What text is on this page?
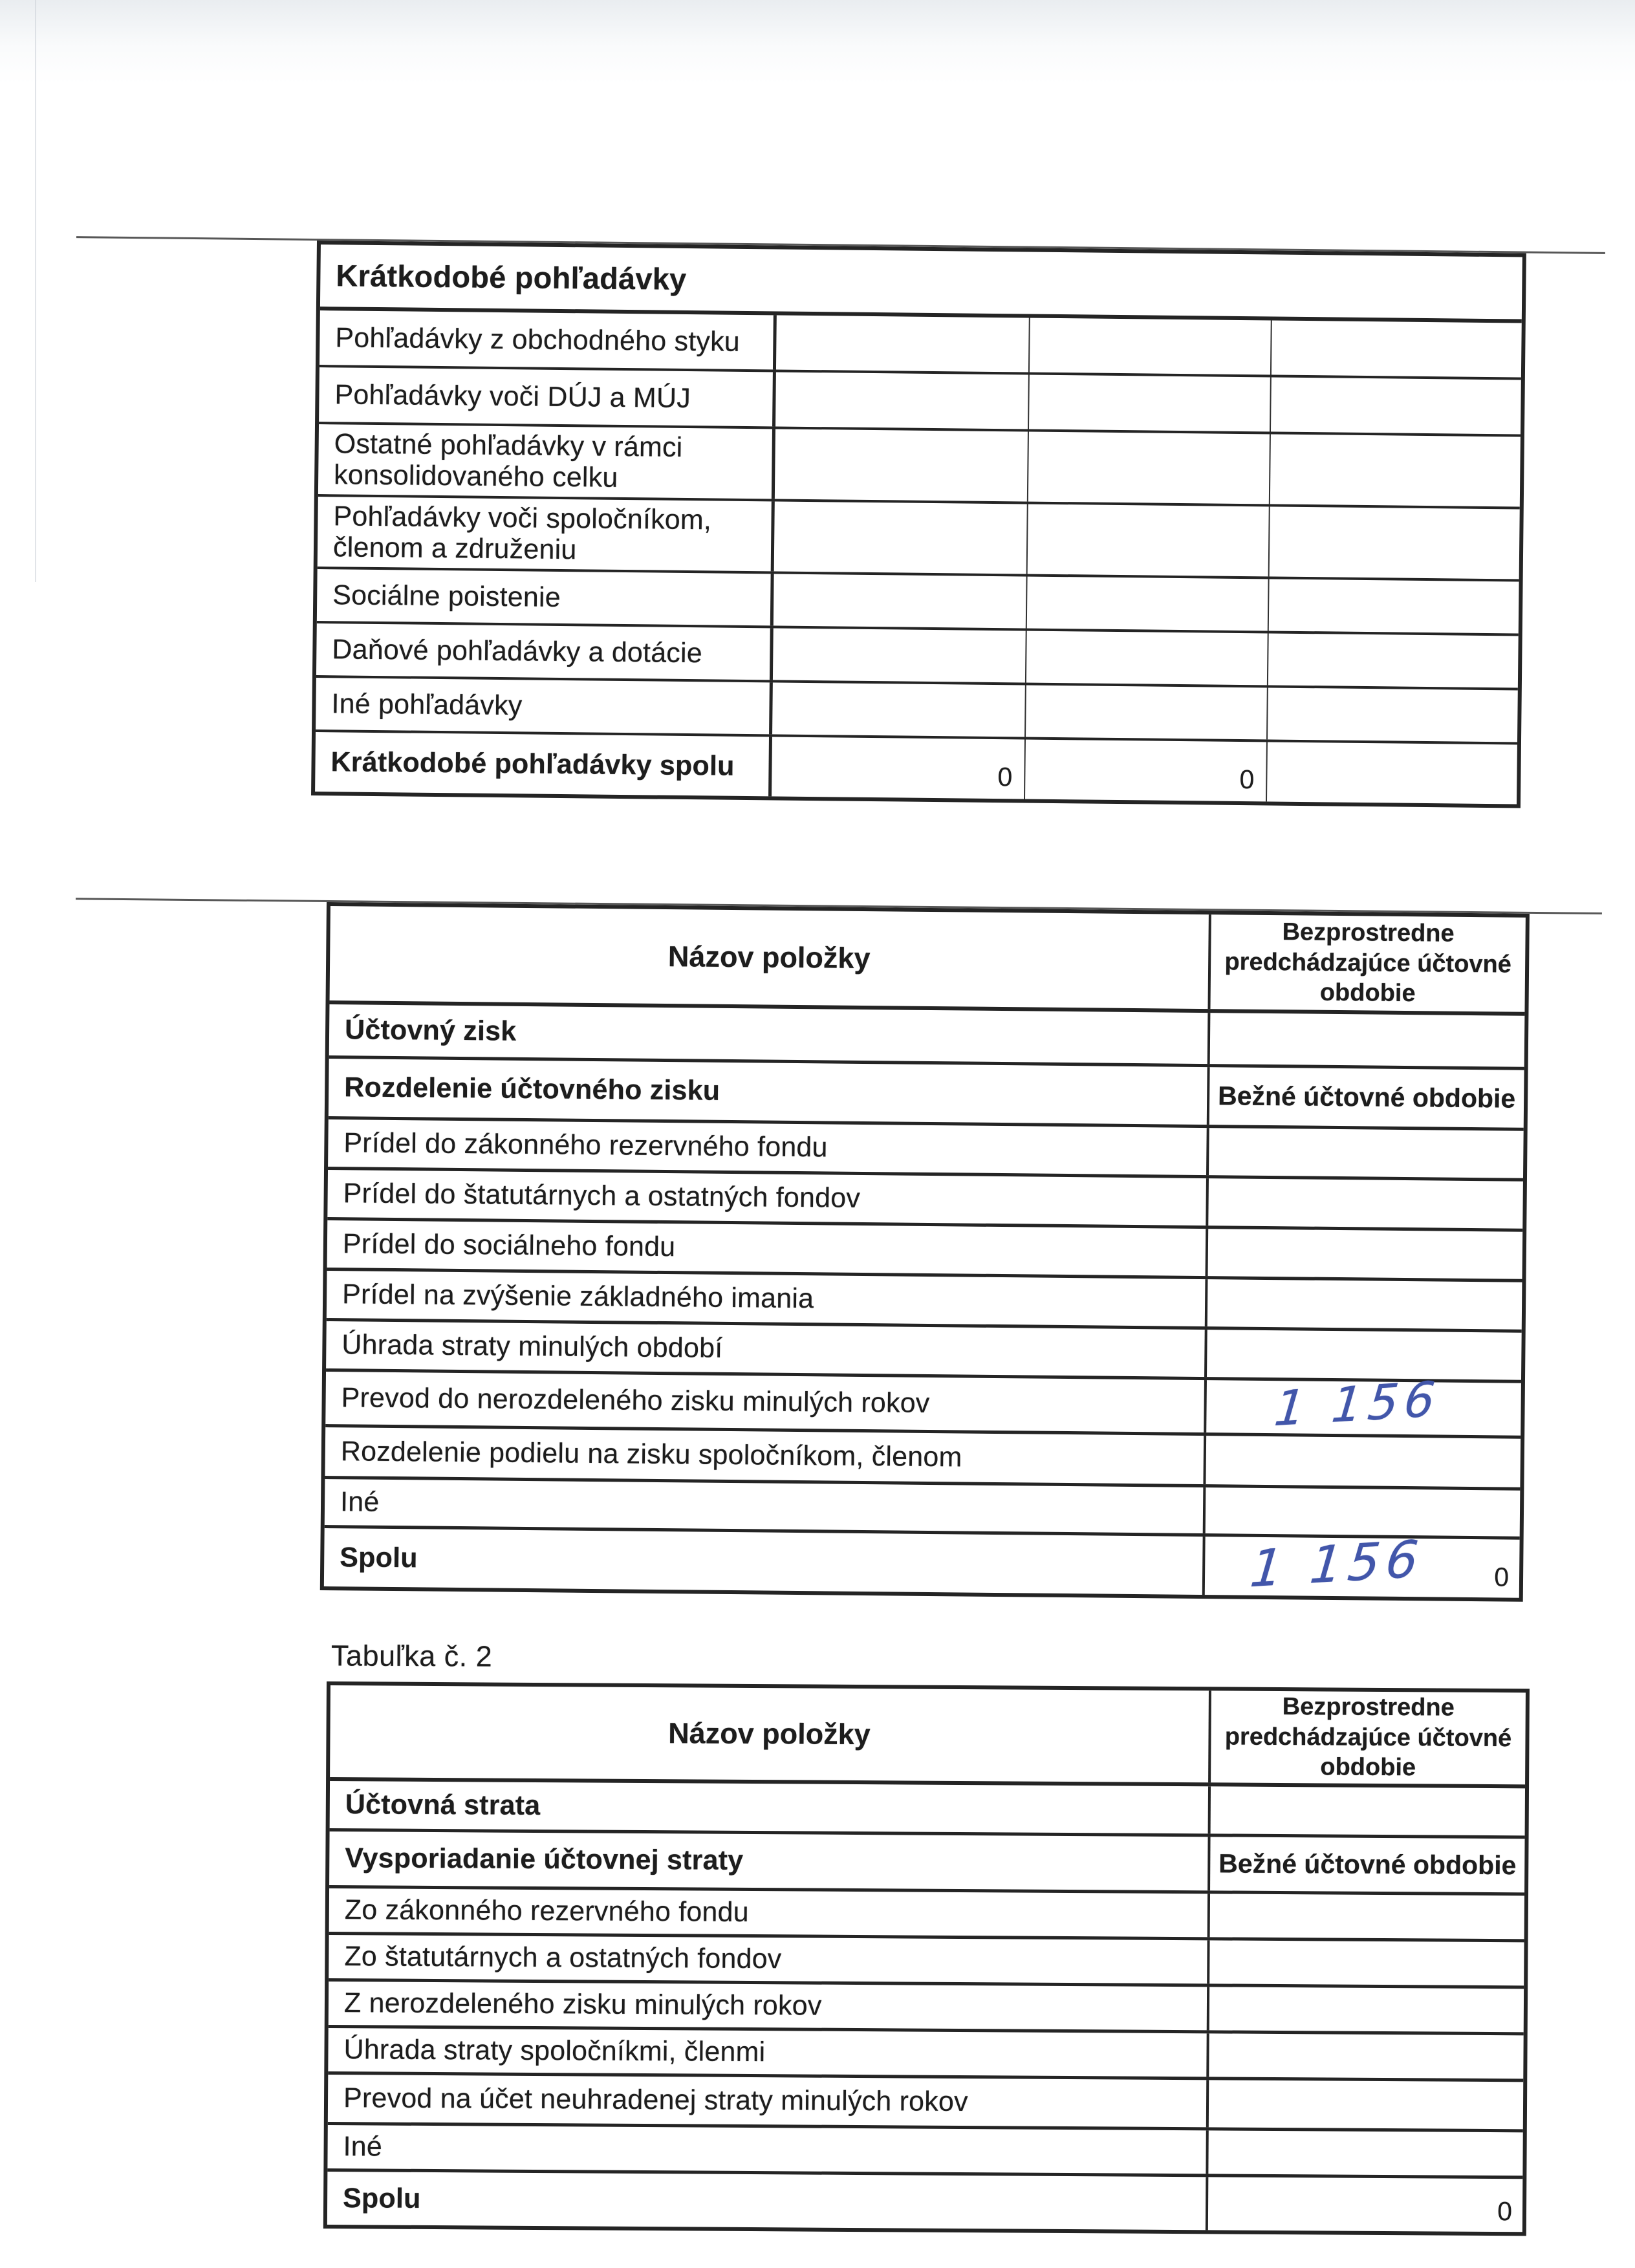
Krátkodobé pohľadávky
Pohľadávky z obchodného styku
Pohľadávky voči DÚJ a MÚJ
Ostatné pohľadávky v rámci konsolidovaného celku
Pohľadávky voči spoločníkom, členom a združeniu
Sociálne poistenie
Daňové pohľadávky a dotácie
Iné pohľadávky
Krátkodobé pohľadávky spolu	0	0
Názov položky
Bezprostredne predchádzajúce účtovné obdobie
Účtovný zisk
Rozdelenie účtovného zisku	Bežné účtovné obdobie
Prídel do zákonného rezervného fondu
Prídel do štatutárnych a ostatných fondov
Prídel do sociálneho fondu
Prídel na zvýšenie základného imania
Úhrada straty minulých období
Prevod do nerozdeleného zisku minulých rokov	1 156
Rozdelenie podielu na zisku spoločníkom, členom
Iné
Spolu	1 156	0
Tabuľka č. 2
Názov položky
Bezprostredne predchádzajúce účtovné obdobie
Účtovná strata
Vysporiadanie účtovnej straty	Bežné účtovné obdobie
Zo zákonného rezervného fondu
Zo štatutárnych a ostatných fondov
Z nerozdeleného zisku minulých rokov
Úhrada straty spoločníkmi, členmi
Prevod na účet neuhradenej straty minulých rokov
Iné
Spolu	0
